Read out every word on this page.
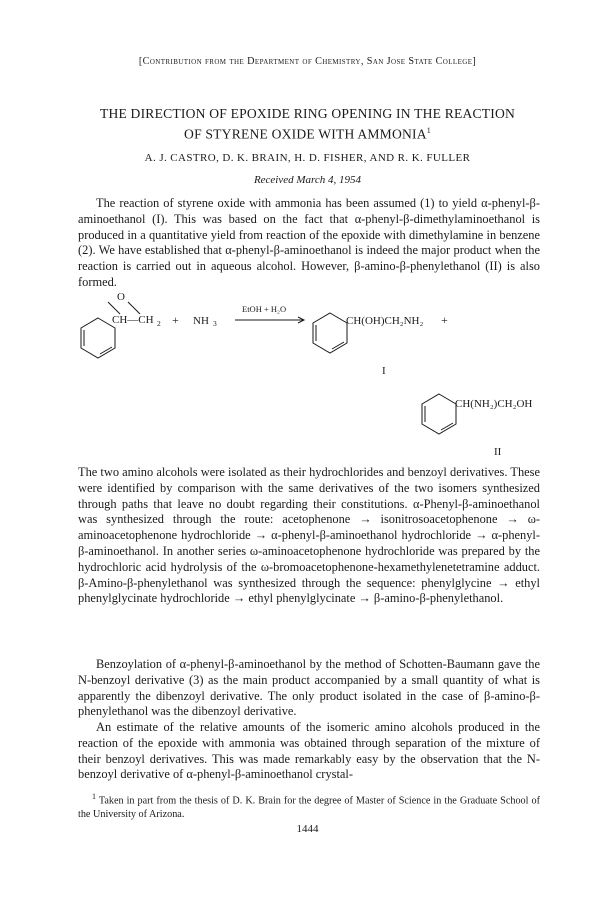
[Contribution from the Department of Chemistry, San Jose State College]
THE DIRECTION OF EPOXIDE RING OPENING IN THE REACTION
OF STYRENE OXIDE WITH AMMONIA$^1$
A. J. CASTRO, D. K. BRAIN, H. D. FISHER, AND R. K. FULLER
Received March 4, 1954

The reaction of styrene oxide with ammonia has been assumed (1) to yield α-phenyl-β-aminoethanol (I). This was based on the fact that α-phenyl-β-dimethylaminoethanol is produced in a quantitative yield from reaction of the epoxide with dimethylamine in benzene (2). We have established that α-phenyl-β-aminoethanol is indeed the major product when the reaction is carried out in aqueous alcohol. However, β-amino-β-phenylethanol (II) is also formed.

O
CH—CH 2 + NH 3
EtOH + H₂O
CH(OH)CH₂NH₂ +
I
CH(NH₂)CH₂OH
II

The two amino alcohols were isolated as their hydrochlorides and benzoyl derivatives. These were identified by comparison with the same derivatives of the two isomers synthesized through paths that leave no doubt regarding their constitutions. α-Phenyl-β-aminoethanol was synthesized through the route: acetophenone → isonitrosoacetophenone → ω-aminoacetophenone hydrochloride → α-phenyl-β-aminoethanol hydrochloride → α-phenyl-β-aminoethanol. In another series ω-aminoacetophenone hydrochloride was prepared by the hydrochloric acid hydrolysis of the ω-bromoacetophenone-hexamethylenetetramine adduct. β-Amino-β-phenylethanol was synthesized through the sequence: phenylglycine → ethyl phenylglycinate hydrochloride → ethyl phenylglycinate → β-amino-β-phenylethanol.

Benzoylation of α-phenyl-β-aminoethanol by the method of Schotten-Baumann gave the N-benzoyl derivative (3) as the main product accompanied by a small quantity of what is apparently the dibenzoyl derivative. The only product isolated in the case of β-amino-β-phenylethanol was the dibenzoyl derivative.

An estimate of the relative amounts of the isomeric amino alcohols produced in the reaction of the epoxide with ammonia was obtained through separation of the mixture of their benzoyl derivatives. This was made remarkably easy by the observation that the N-benzoyl derivative of α-phenyl-β-aminoethanol crystal-

$^1$ Taken in part from the thesis of D. K. Brain for the degree of Master of Science in the Graduate School of the University of Arizona.

1444
